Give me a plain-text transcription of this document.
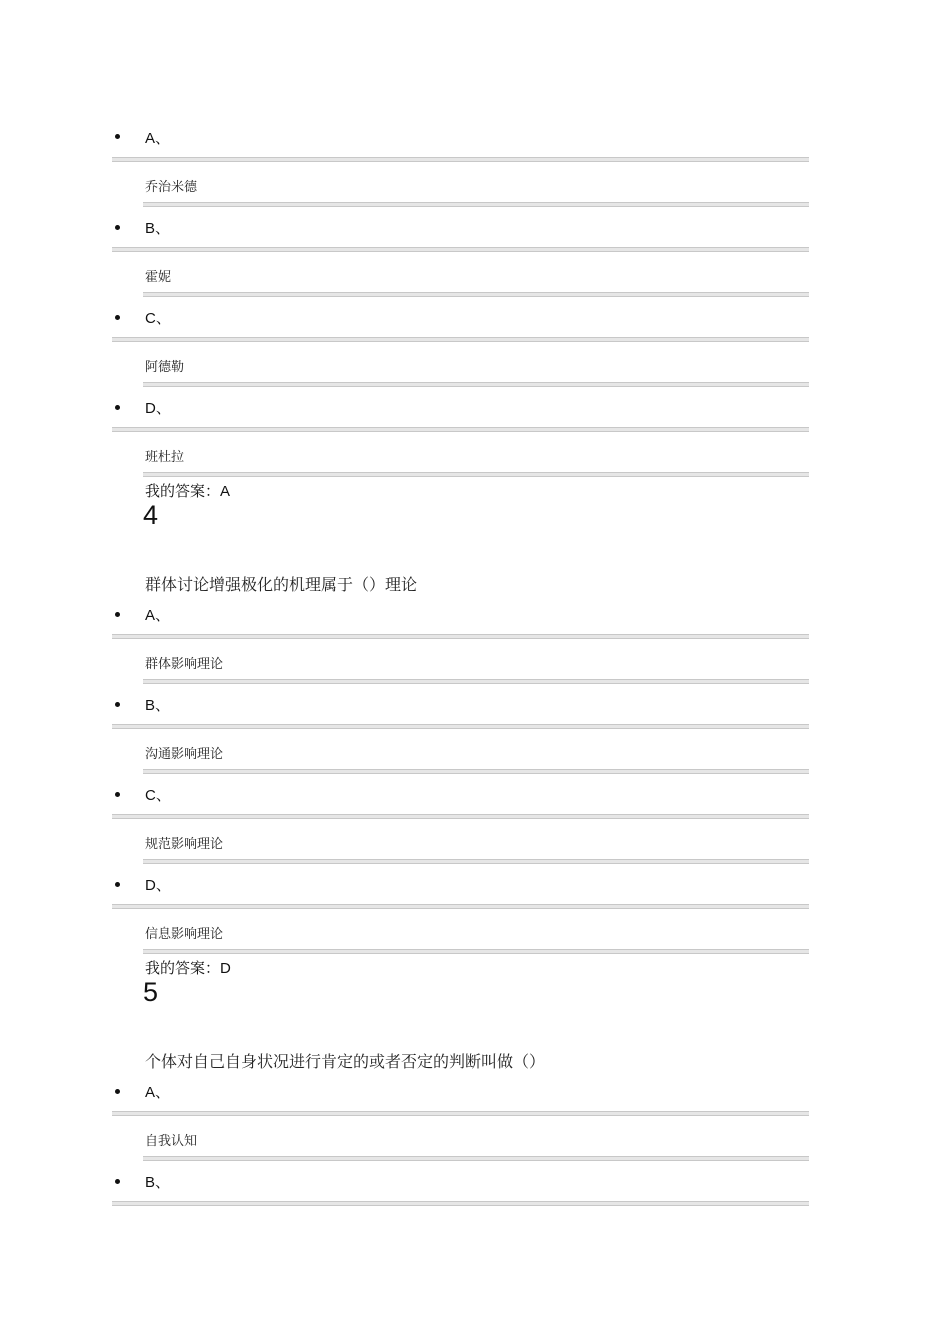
A、
乔治米德
B、
霍妮
C、
阿德勒
D、
班杜拉
我的答案：A
4
群体讨论增强极化的机理属于（）理论
A、
群体影响理论
B、
沟通影响理论
C、
规范影响理论
D、
信息影响理论
我的答案：D
5
个体对自己自身状况进行肯定的或者否定的判断叫做（）
A、
自我认知
B、
